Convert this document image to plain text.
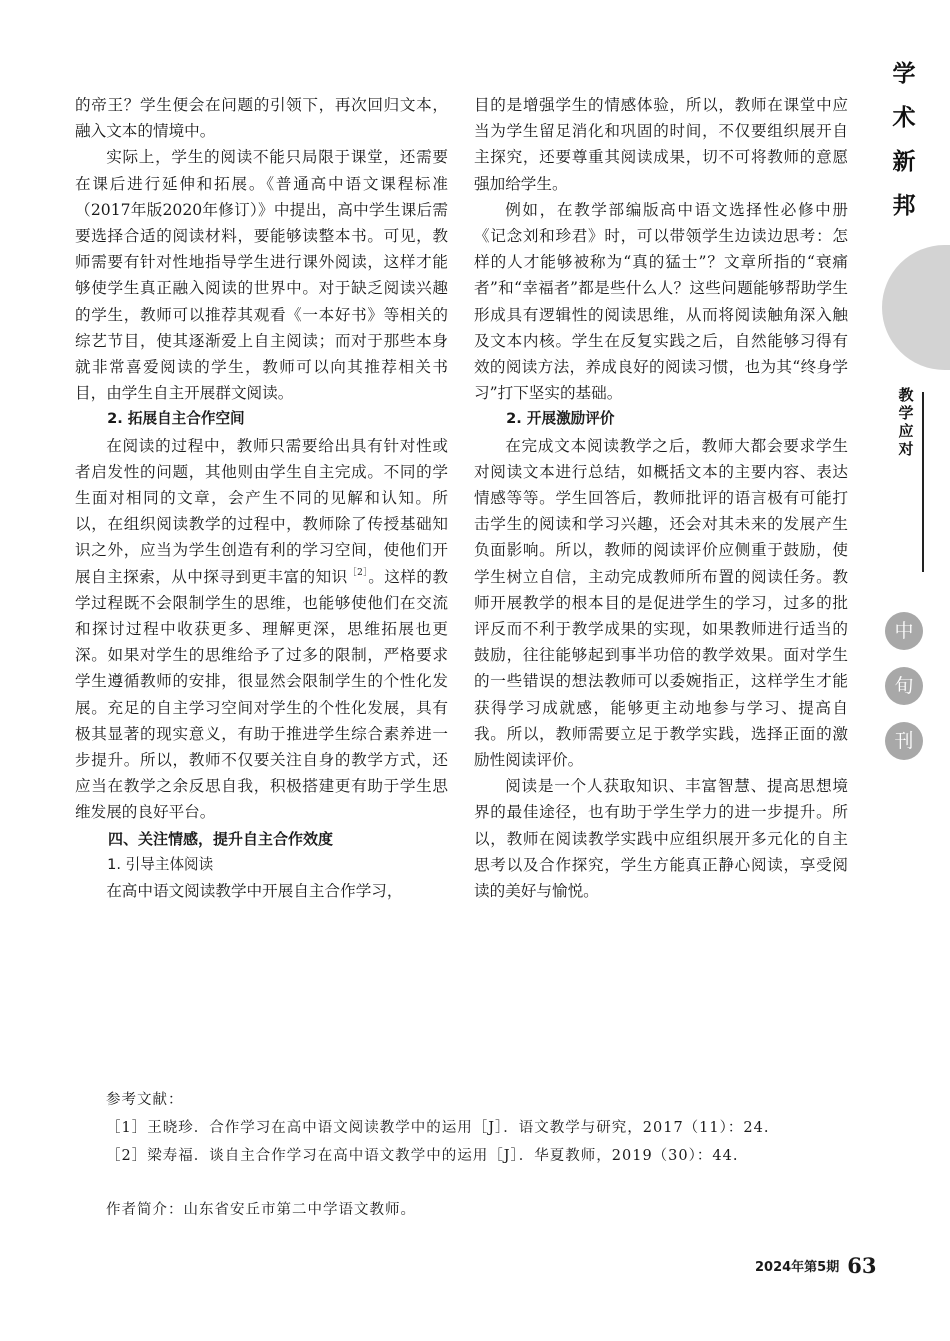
学
术
新
邦
教
学
应
对
中
旬
刊

的帝王？学生便会在问题的引领下，再次回归文本，融入文本的情境中。

实际上，学生的阅读不能只局限于课堂，还需要在课后进行延伸和拓展。《普通高中语文课程标准（2017年版2020年修订）》中提出，高中学生课后需要选择合适的阅读材料，要能够读整本书。可见，教师需要有针对性地指导学生进行课外阅读，这样才能够使学生真正融入阅读的世界中。对于缺乏阅读兴趣的学生，教师可以推荐其观看《一本好书》等相关的综艺节目，使其逐渐爱上自主阅读；而对于那些本身就非常喜爱阅读的学生，教师可以向其推荐相关书目，由学生自主开展群文阅读。

2. 拓展自主合作空间

在阅读的过程中，教师只需要给出具有针对性或者启发性的问题，其他则由学生自主完成。不同的学生面对相同的文章，会产生不同的见解和认知。所以，在组织阅读教学的过程中，教师除了传授基础知识之外，应当为学生创造有利的学习空间，使他们开展自主探索，从中探寻到更丰富的知识$^{[2]}$。这样的教学过程既不会限制学生的思维，也能够使他们在交流和探讨过程中收获更多、理解更深，思维拓展也更深。如果对学生的思维给予了过多的限制，严格要求学生遵循教师的安排，很显然会限制学生的个性化发展。充足的自主学习空间对学生的个性化发展，具有极其显著的现实意义，有助于推进学生综合素养进一步提升。所以，教师不仅要关注自身的教学方式，还应当在教学之余反思自我，积极搭建更有助于学生思维发展的良好平台。

四、关注情感，提升自主合作效度

1. 引导主体阅读

在高中语文阅读教学中开展自主合作学习，

目的是增强学生的情感体验，所以，教师在课堂中应当为学生留足消化和巩固的时间，不仅要组织展开自主探究，还要尊重其阅读成果，切不可将教师的意愿强加给学生。

例如，在教学部编版高中语文选择性必修中册《记念刘和珍君》时，可以带领学生边读边思考：怎样的人才能够被称为“真的猛士”？文章所指的“衰痛者”和“幸福者”都是些什么人？这些问题能够帮助学生形成具有逻辑性的阅读思维，从而将阅读触角深入触及文本内核。学生在反复实践之后，自然能够习得有效的阅读方法，养成良好的阅读习惯，也为其“终身学习”打下坚实的基础。

2. 开展激励评价

在完成文本阅读教学之后，教师大都会要求学生对阅读文本进行总结，如概括文本的主要内容、表达情感等等。学生回答后，教师批评的语言极有可能打击学生的阅读和学习兴趣，还会对其未来的发展产生负面影响。所以，教师的阅读评价应侧重于鼓励，使学生树立自信，主动完成教师所布置的阅读任务。教师开展教学的根本目的是促进学生的学习，过多的批评反而不利于教学成果的实现，如果教师进行适当的鼓励，往往能够起到事半功倍的教学效果。面对学生的一些错误的想法教师可以委婉指正，这样学生才能获得学习成就感，能够更主动地参与学习、提高自我。所以，教师需要立足于教学实践，选择正面的激励性阅读评价。

阅读是一个人获取知识、丰富智慧、提高思想境界的最佳途径，也有助于学生学力的进一步提升。所以，教师在阅读教学实践中应组织展开多元化的自主思考以及合作探究，学生方能真正静心阅读，享受阅读的美好与愉悦。

参考文献：

［1］王晓珍．合作学习在高中语文阅读教学中的运用［J］．语文教学与研究，2017（11）：24.

［2］梁寿福．谈自主合作学习在高中语文教学中的运用［J］．华夏教师，2019（30）：44.

作者简介：山东省安丘市第二中学语文教师。
2024年第5期 63
